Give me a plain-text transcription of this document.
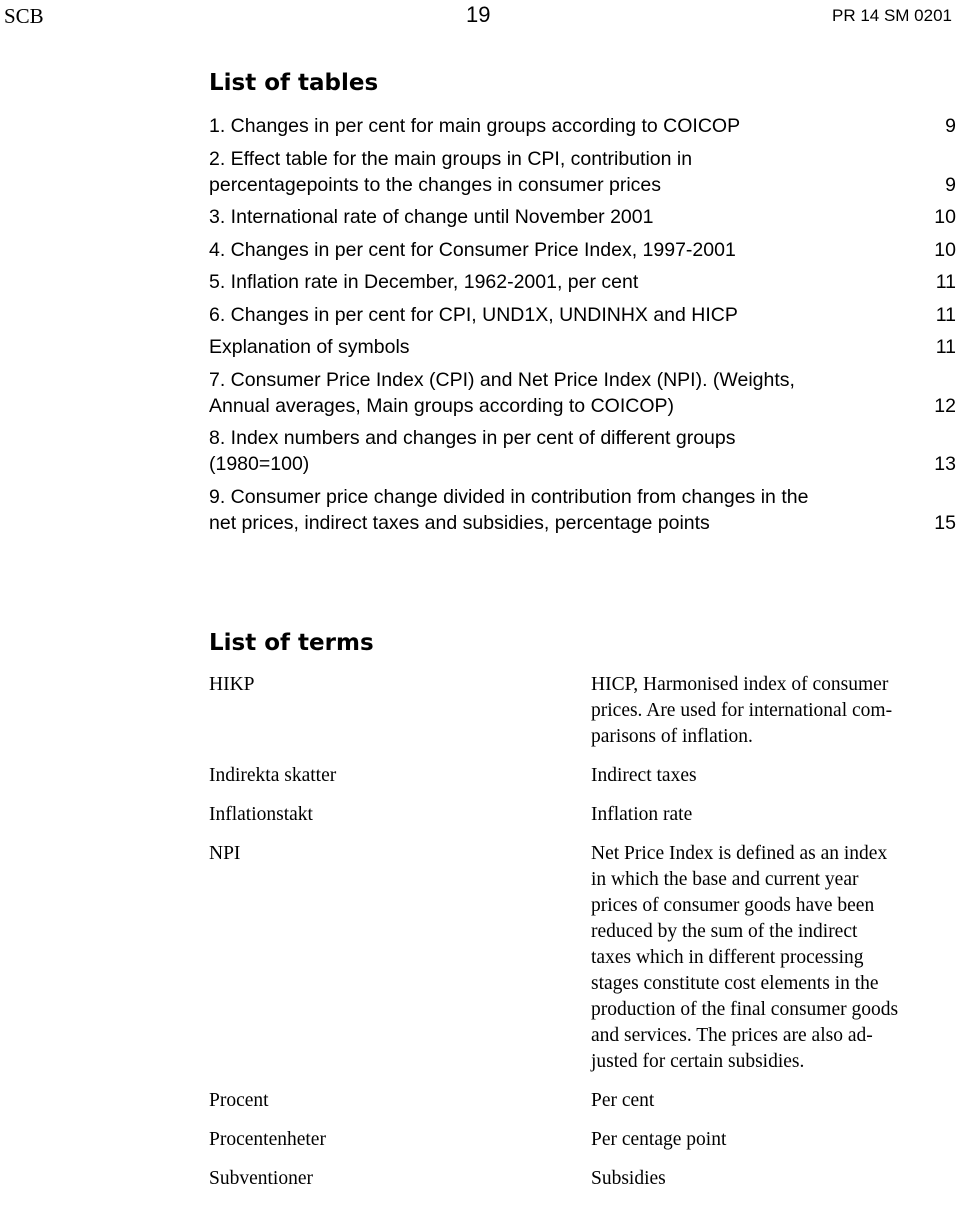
SCB	19	PR 14 SM 0201
List of tables
1. Changes in per cent for main groups according to COICOP	9
2. Effect table for the main groups in CPI, contribution in
percentagepoints to the changes in consumer prices	9
3. International rate of change until November 2001	10
4. Changes in per cent for Consumer Price Index, 1997-2001	10
5. Inflation rate in December, 1962-2001, per cent	11
6. Changes in per cent for CPI, UND1X, UNDINHX and HICP	11
Explanation of symbols	11
7. Consumer Price Index (CPI) and Net Price Index (NPI). (Weights,
Annual averages, Main groups according to COICOP)	12
8. Index numbers and changes in per cent of different groups
(1980=100)	13
9. Consumer price change divided in contribution from changes in the
net prices, indirect taxes and subsidies, percentage points	15
List of terms
HIKP	HICP, Harmonised index of consumer
prices. Are used for international com-
parisons of inflation.
Indirekta skatter	Indirect taxes
Inflationstakt	Inflation rate
NPI	Net Price Index is defined as an index
in which the base and current year
prices of consumer goods have been
reduced by the sum of the indirect
taxes which in different processing
stages constitute cost elements in the
production of the final consumer goods
and services. The prices are also ad-
justed for certain subsidies.
Procent	Per cent
Procentenheter	Per centage point
Subventioner	Subsidies
